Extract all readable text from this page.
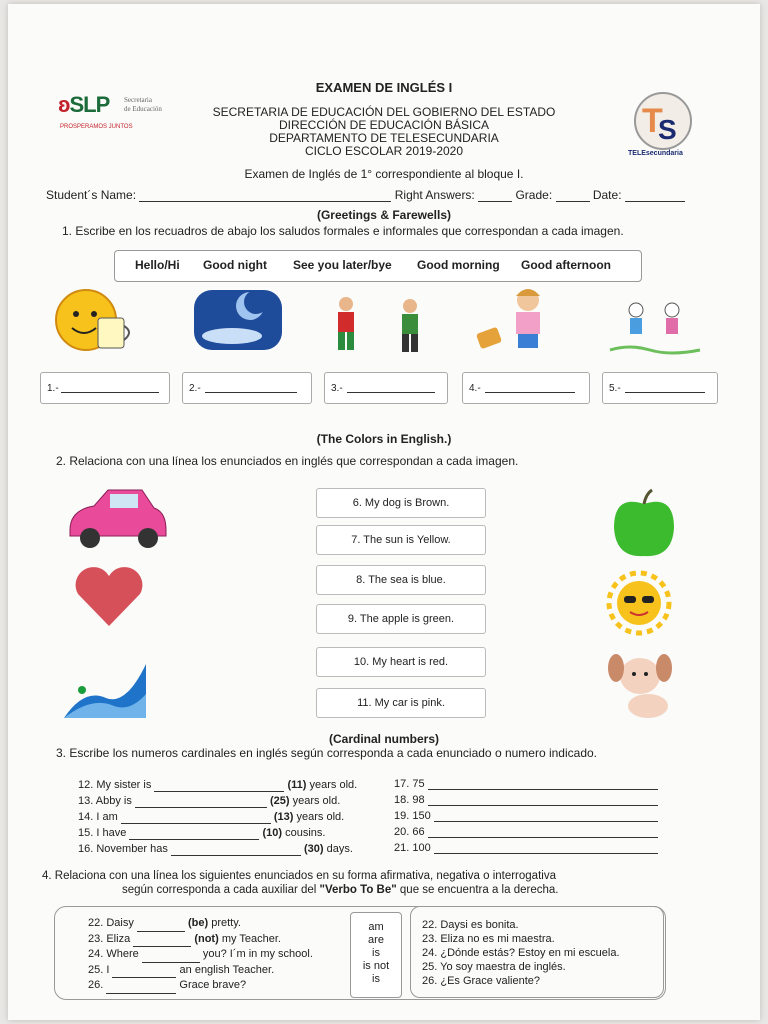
ʚSLP Secretaria
de Educación
PROSPERAMOS JUNTOS
EXAMEN DE INGLÉS I
SECRETARIA DE EDUCACIÓN DEL GOBIERNO DEL ESTADO
DIRECCIÓN DE EDUCACIÓN BÁSICA
DEPARTAMENTO DE TELESECUNDARIA
CICLO ESCOLAR 2019-2020
T
S
TELEsecundaria
Examen de Inglés de 1° correspondiente al bloque I.
Student´s Name:	Right Answers:	Grade:	Date:
(Greetings & Farewells)
1. Escribe en los recuadros de abajo los saludos formales e informales que correspondan a cada imagen.
Hello/Hi Good night See you later/bye Good morning Good afternoon
1.-	2.-	3.-	4.-	5.-
(The Colors in English.)
2. Relaciona con una línea los enunciados en inglés que correspondan a cada imagen.
6. My dog is Brown.
7. The sun is Yellow.
8. The sea is blue.
9. The apple is green.
10. My heart is red.
11. My car is pink.
(Cardinal numbers)
3. Escribe los numeros cardinales en inglés según corresponda a cada enunciado o numero indicado.
12. My sister is	(11) years old.
13. Abby is	(25) years old.
14. I am	(13) years old.
15. I have	(10) cousins.
16. November has	(30) days.
17. 75
18. 98
19. 150
20. 66
21. 100
4. Relaciona con una línea los siguientes enunciados en su forma afirmativa, negativa o interrogativa
según corresponda a cada auxiliar del "Verbo To Be" que se encuentra a la derecha.
22. Daisy	(be) pretty.
23. Eliza	(not) my Teacher.
24. Where	you? I´m in my school.
25. I	an english Teacher.
26.	Grace brave?
am
are
is
is not
is
22. Daysi es bonita.
23. Eliza no es mi maestra.
24. ¿Dónde estás? Estoy en mi escuela.
25. Yo soy maestra de inglés.
26. ¿Es Grace valiente?
